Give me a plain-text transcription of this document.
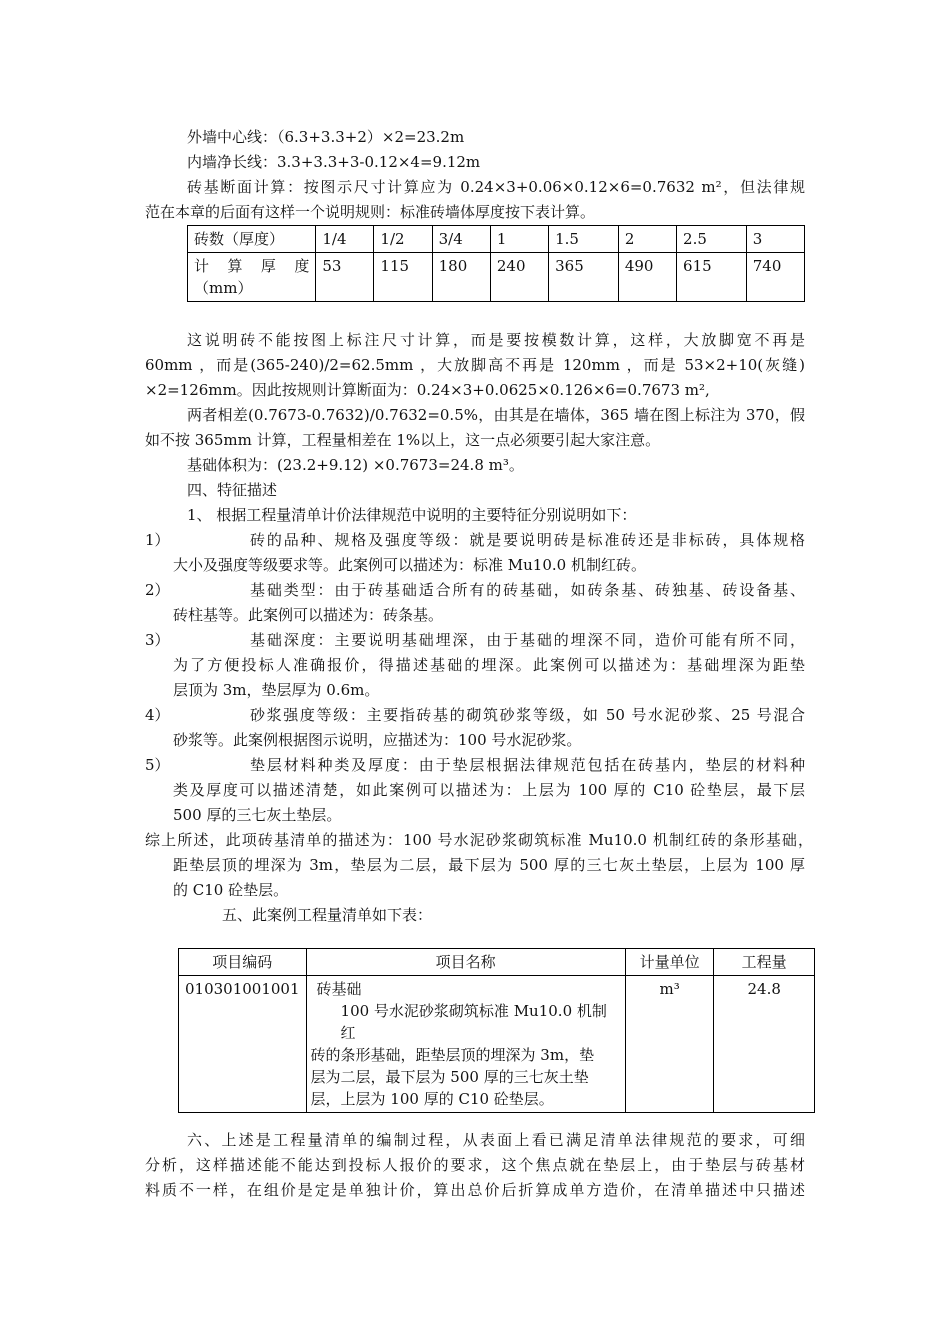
外墙中心线：（6.3+3.3+2）×2=23.2m
内墙净长线：3.3+3.3+3-0.12×4=9.12m
砖基断面计算：按图示尺寸计算应为 0.24×3+0.06×0.12×6=0.7632 m²，但法律规
范在本章的后面有这样一个说明规则：标准砖墙体厚度按下表计算。
砖数（厚度）	1/4	1/2	3/4	1	1.5	2	2.5	3

计　算　厚　度
（mm）	53	115	180	240	365	490	615	740
这说明砖不能按图上标注尺寸计算，而是要按模数计算，这样，大放脚宽不再是
60mm ，而是(365-240)/2=62.5mm ，大放脚高不再是 120mm ，而是 53×2+10(灰缝)
×2=126mm。因此按规则计算断面为：0.24×3+0.0625×0.126×6=0.7673 m²,
两者相差(0.7673-0.7632)/0.7632=0.5%，由其是在墙体，365 墙在图上标注为 370，假
如不按 365mm 计算，工程量相差在 1%以上，这一点必须要引起大家注意。
基础体积为：(23.2+9.12) ×0.7673=24.8 m³。
四、特征描述
1、 根据工程量清单计价法律规范中说明的主要特征分别说明如下：
1）	砖的品种、规格及强度等级：就是要说明砖是标准砖还是非标砖，具体规格
大小及强度等级要求等。此案例可以描述为：标准 Mu10.0 机制红砖。
2）	基础类型：由于砖基础适合所有的砖基础，如砖条基、砖独基、砖设备基、
砖柱基等。此案例可以描述为：砖条基。
3）	基础深度：主要说明基础埋深，由于基础的埋深不同，造价可能有所不同，
为了方便投标人准确报价，得描述基础的埋深。此案例可以描述为：基础埋深为距垫
层顶为 3m，垫层厚为 0.6m。
4）	砂浆强度等级：主要指砖基的砌筑砂浆等级，如 50 号水泥砂浆、25 号混合
砂浆等。此案例根据图示说明，应描述为：100 号水泥砂浆。
5）	垫层材料种类及厚度：由于垫层根据法律规范包括在砖基内，垫层的材料种
类及厚度可以描述清楚，如此案例可以描述为：上层为 100 厚的 C10 砼垫层，最下层
500 厚的三七灰土垫层。
综上所述，此项砖基清单的描述为：100 号水泥砂浆砌筑标准 Mu10.0 机制红砖的条形基础，
距垫层顶的埋深为 3m，垫层为二层，最下层为 500 厚的三七灰土垫层，上层为 100 厚
的 C10 砼垫层。
五、此案例工程量清单如下表：
项目编码	项目名称	计量单位	工程量
010301001001	砖基础
100 号水泥砂浆砌筑标准 Mu10.0 机制红
砖的条形基础，距垫层顶的埋深为 3m，垫
层为二层，最下层为 500 厚的三七灰土垫
层，上层为 100 厚的 C10 砼垫层。	m³	24.8
六、上述是工程量清单的编制过程，从表面上看已满足清单法律规范的要求，可细
分析，这样描述能不能达到投标人报价的要求，这个焦点就在垫层上，由于垫层与砖基材
料质不一样，在组价是定是单独计价，算出总价后折算成单方造价，在清单描述中只描述
